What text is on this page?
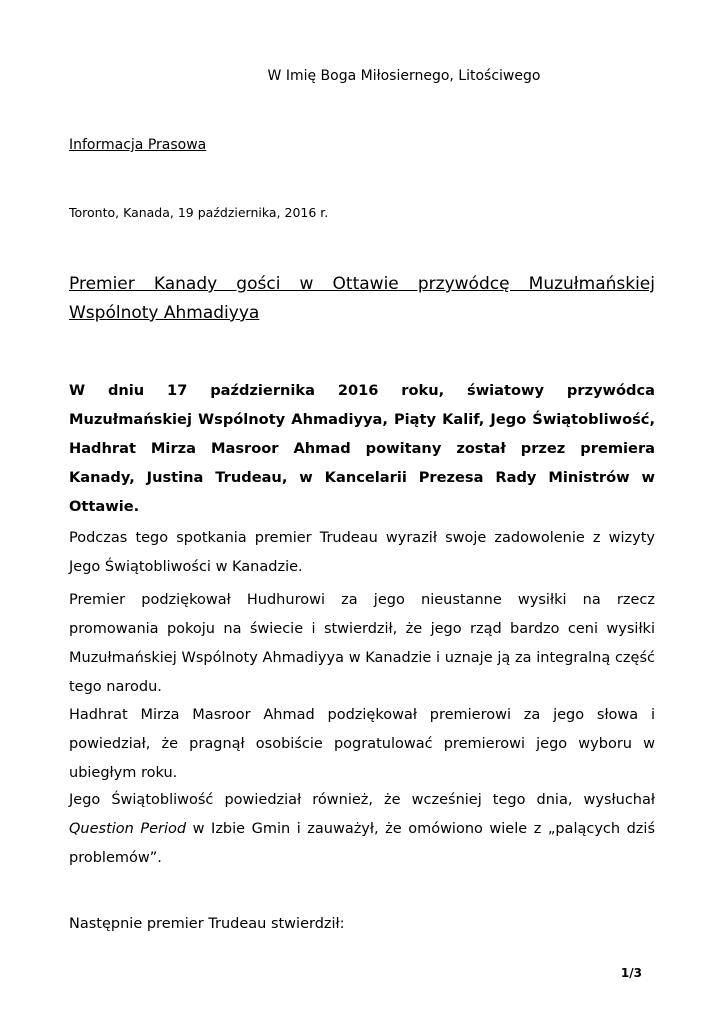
W Imię Boga Miłosiernego, Litościwego

Informacja Prasowa

Toronto, Kanada, 19 października, 2016 r.

Premier Kanady gości w Ottawie przywódcę Muzułmańskiej Wspólnoty Ahmadiyya

W dniu 17 października 2016 roku, światowy przywódca Muzułmańskiej Wspólnoty Ahmadiyya, Piąty Kalif, Jego Świątobliwość, Hadhrat Mirza Masroor Ahmad powitany został przez premiera Kanady, Justina Trudeau, w Kancelarii Prezesa Rady Ministrów w Ottawie.

Podczas tego spotkania premier Trudeau wyraził swoje zadowolenie z wizyty Jego Świątobliwości w Kanadzie.

Premier podziękował Hudhurowi za jego nieustanne wysiłki na rzecz promowania pokoju na świecie i stwierdził, że jego rząd bardzo ceni wysiłki Muzułmańskiej Wspólnoty Ahmadiyya w Kanadzie i uznaje ją za integralną część tego narodu.

Hadhrat Mirza Masroor Ahmad podziękował premierowi za jego słowa i powiedział, że pragnął osobiście pogratulować premierowi jego wyboru w ubiegłym roku.

Jego Świątobliwość powiedział również, że wcześniej tego dnia, wysłuchał Question Period w Izbie Gmin i zauważył, że omówiono wiele z „palących dziś problemów”.

Następnie premier Trudeau stwierdził:

1/3
